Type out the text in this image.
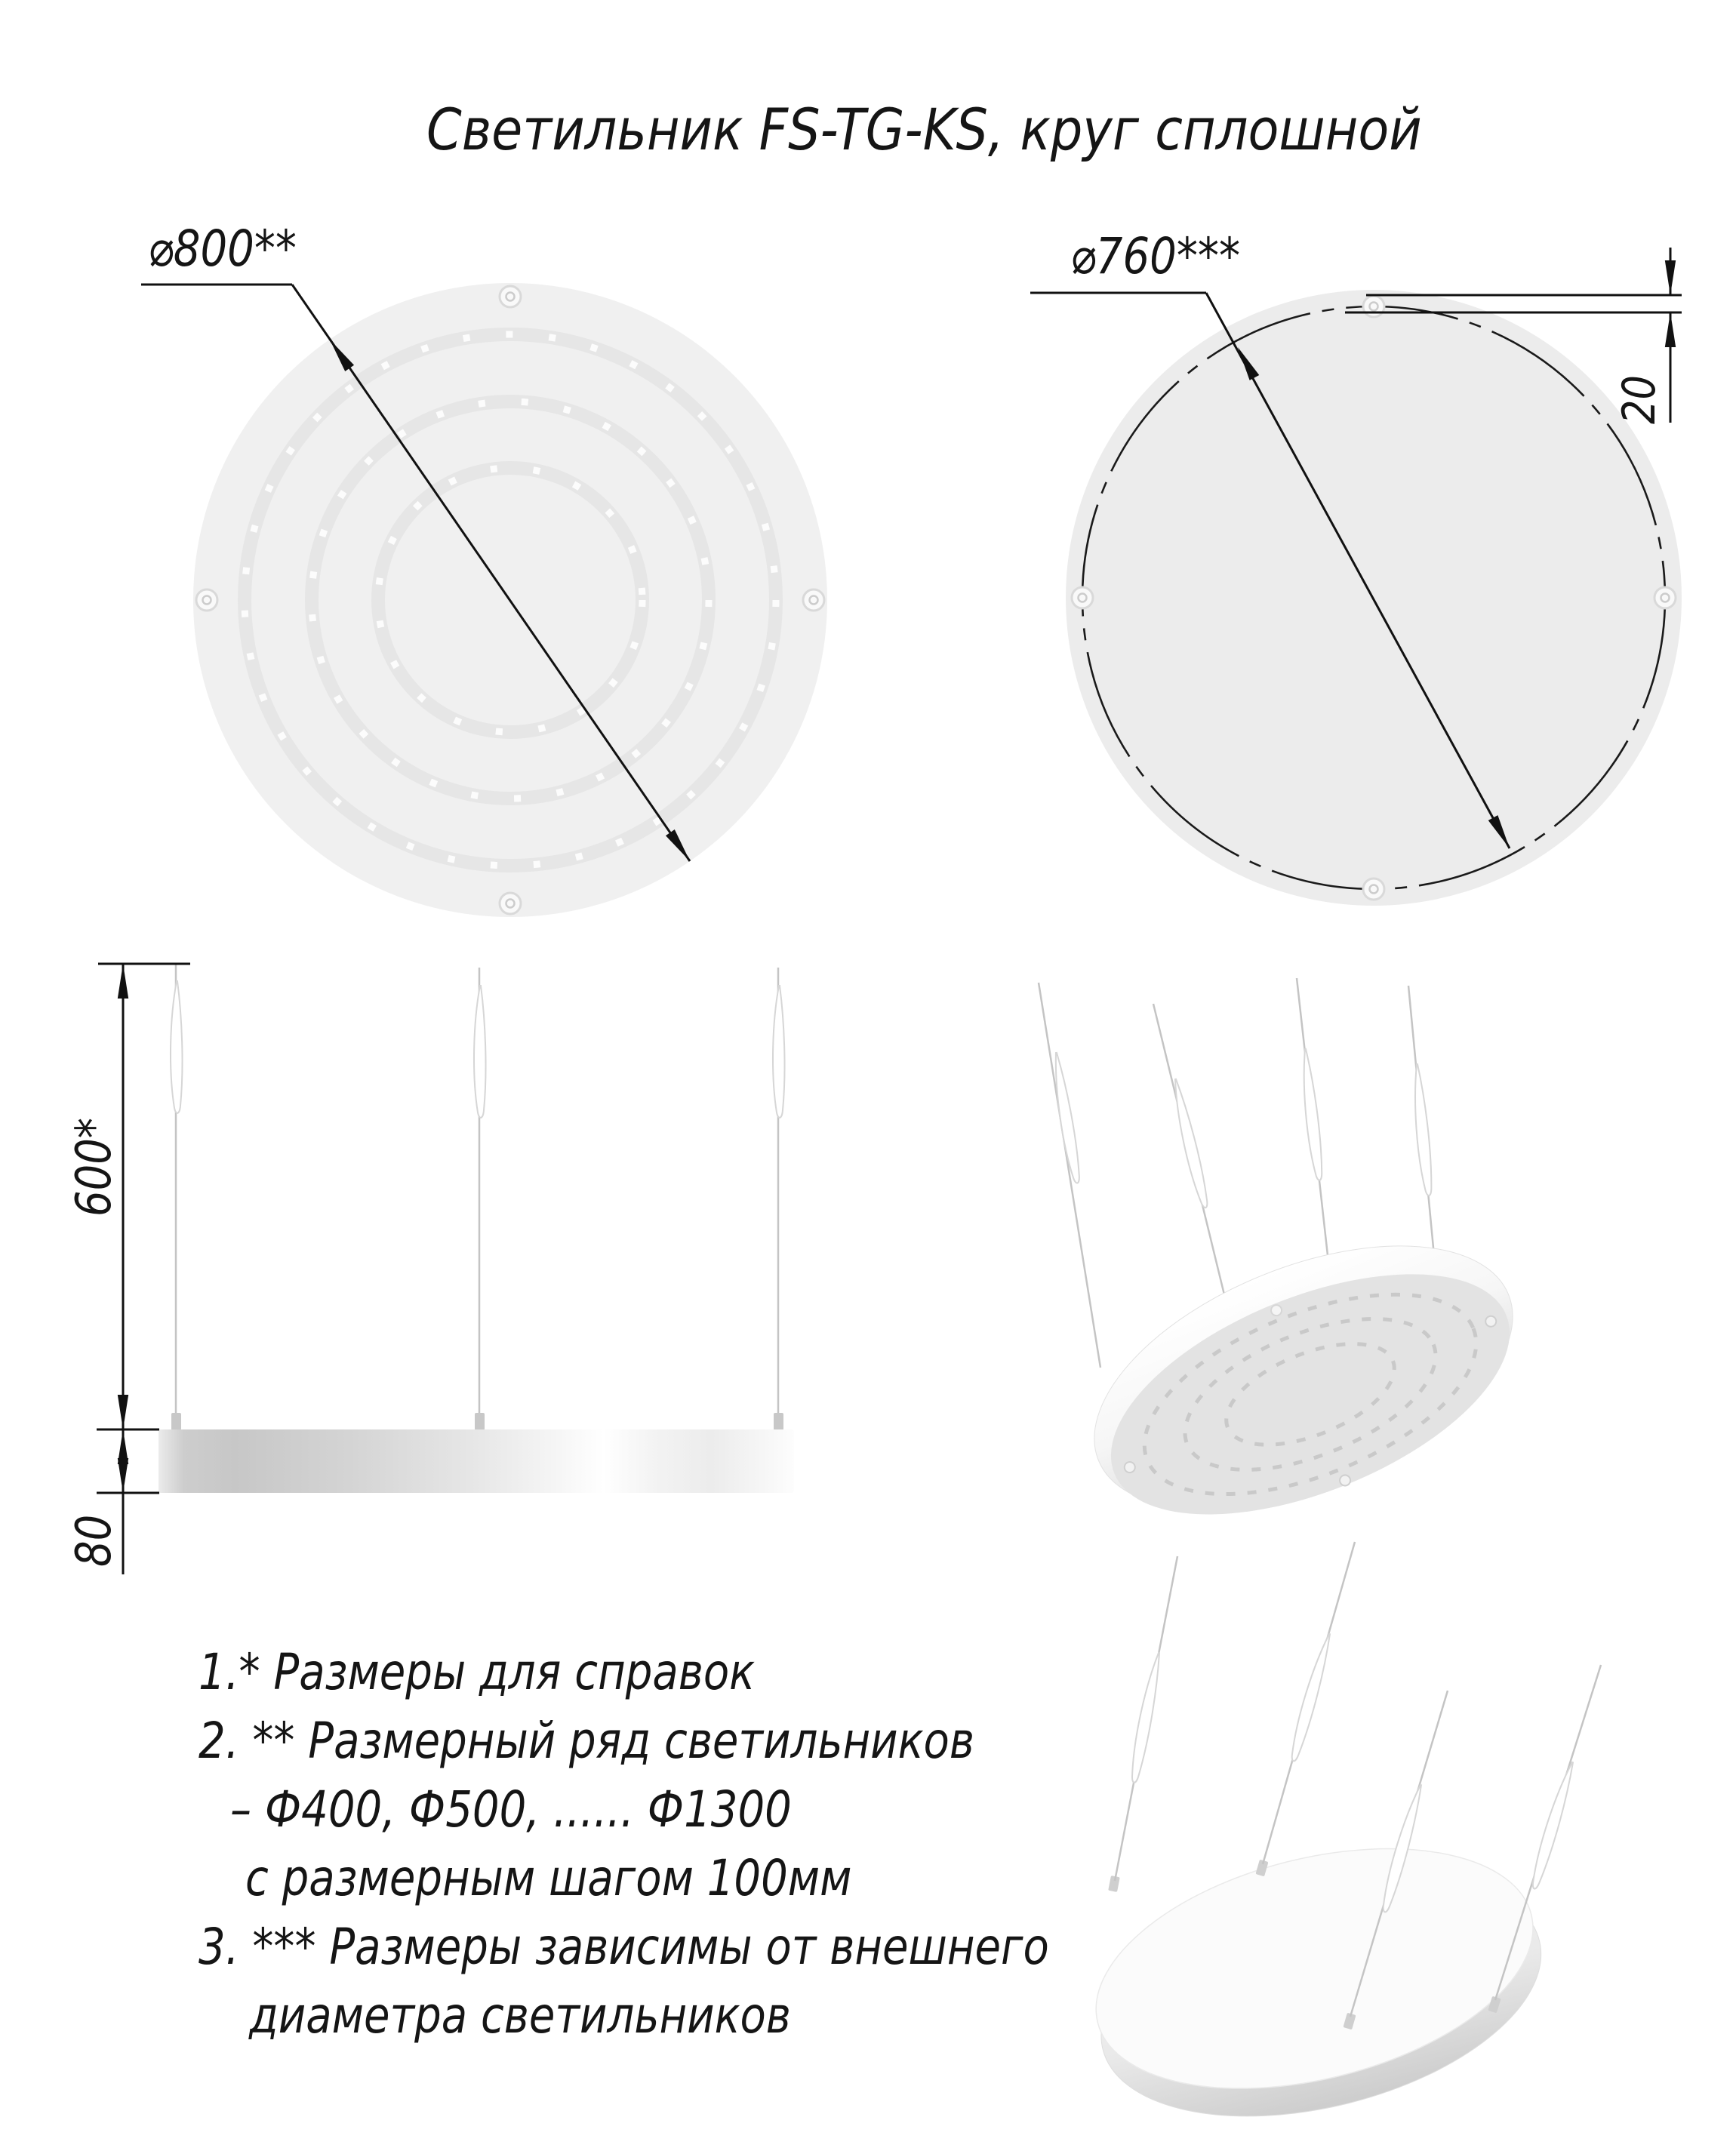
Светильник FS-TG-KS, круг сплошной
⌀800**	⌀760***
20
600*
80
1.* Размеры для справок
2. ** Размерный ряд светильников
– Ф400, Ф500, ...... Ф1300
с размерным шагом 100мм
3. *** Размеры зависимы от внешнего
диаметра светильников
